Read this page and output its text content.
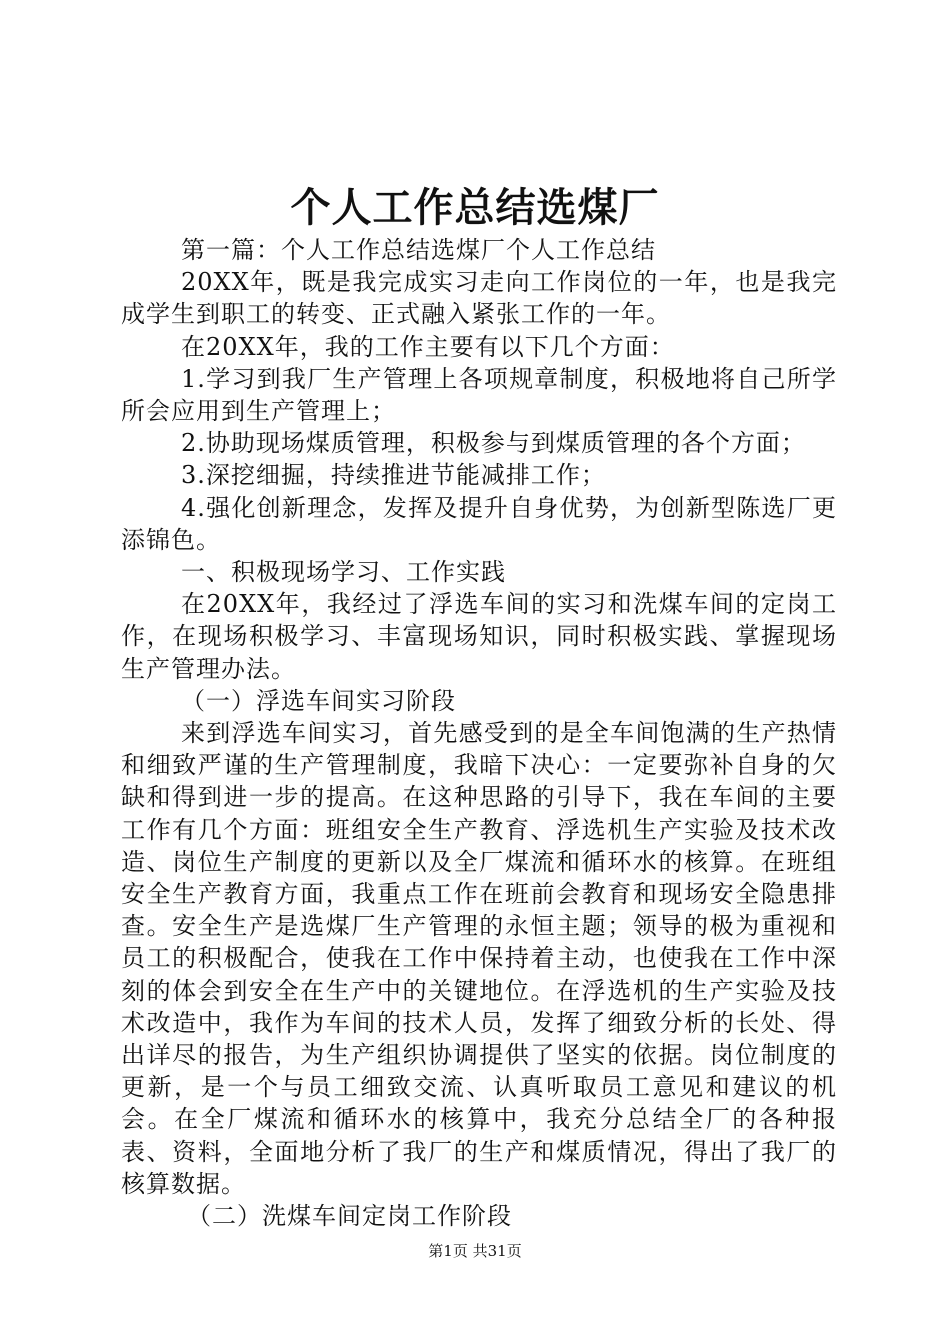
个人工作总结选煤厂

第一篇：个人工作总结选煤厂个人工作总结

20XX年，既是我完成实习走向工作岗位的一年，也是我完成学生到职工的转变、正式融入紧张工作的一年。

在20XX年，我的工作主要有以下几个方面：

1.学习到我厂生产管理上各项规章制度，积极地将自己所学所会应用到生产管理上；

2.协助现场煤质管理，积极参与到煤质管理的各个方面；

3.深挖细掘，持续推进节能减排工作；

4.强化创新理念，发挥及提升自身优势，为创新型陈选厂更添锦色。

一、积极现场学习、工作实践

在20XX年，我经过了浮选车间的实习和洗煤车间的定岗工作，在现场积极学习、丰富现场知识，同时积极实践、掌握现场生产管理办法。

（一）浮选车间实习阶段

来到浮选车间实习，首先感受到的是全车间饱满的生产热情和细致严谨的生产管理制度，我暗下决心：一定要弥补自身的欠缺和得到进一步的提高。在这种思路的引导下，我在车间的主要工作有几个方面：班组安全生产教育、浮选机生产实验及技术改造、岗位生产制度的更新以及全厂煤流和循环水的核算。在班组安全生产教育方面，我重点工作在班前会教育和现场安全隐患排查。安全生产是选煤厂生产管理的永恒主题；领导的极为重视和员工的积极配合，使我在工作中保持着主动，也使我在工作中深刻的体会到安全在生产中的关键地位。在浮选机的生产实验及技术改造中，我作为车间的技术人员，发挥了细致分析的长处、得出详尽的报告，为生产组织协调提供了坚实的依据。岗位制度的更新，是一个与员工细致交流、认真听取员工意见和建议的机会。在全厂煤流和循环水的核算中，我充分总结全厂的各种报表、资料，全面地分析了我厂的生产和煤质情况，得出了我厂的核算数据。

（二）洗煤车间定岗工作阶段

第1页 共31页
